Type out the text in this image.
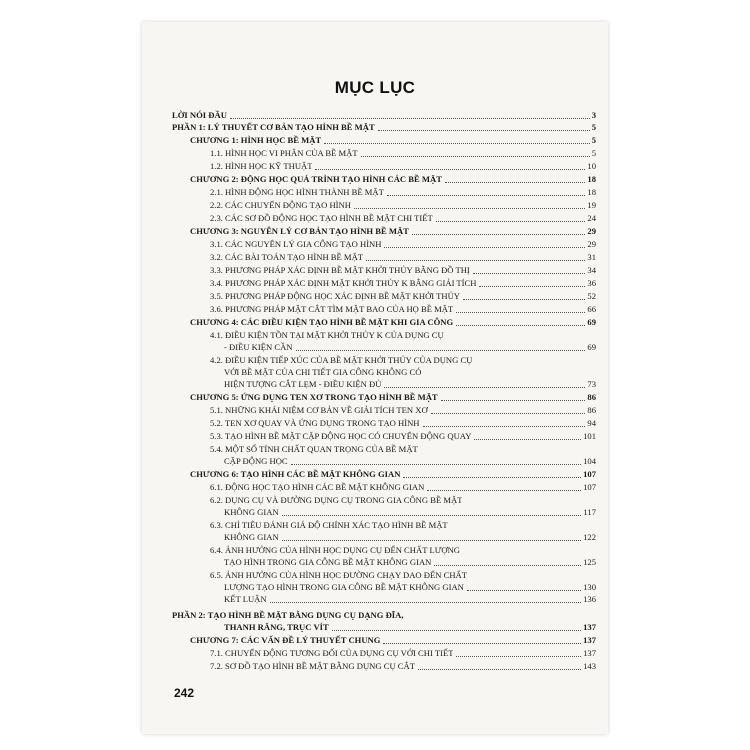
MỤC LỤC
LỜI NÓI ĐẦU	3
PHẦN 1: LÝ THUYẾT CƠ BẢN TẠO HÌNH BỀ MẶT	5
CHƯƠNG 1: HÌNH HỌC BỀ MẶT	5
1.1. HÌNH HỌC VI PHÂN CỦA BỀ MẶT	5
1.2. HÌNH HỌC KỸ THUẬT	10
CHƯƠNG 2: ĐỘNG HỌC QUÁ TRÌNH TẠO HÌNH CÁC BỀ MẶT	18
2.1. HÌNH ĐỘNG HỌC HÌNH THÀNH BỀ MẶT	18
2.2. CÁC CHUYỂN ĐỘNG TẠO HÌNH	19
2.3. CÁC SƠ ĐỒ ĐỘNG HỌC TẠO HÌNH BỀ MẶT CHI TIẾT	24
CHƯƠNG 3: NGUYÊN LÝ CƠ BẢN TẠO HÌNH BỀ MẶT	29
3.1. CÁC NGUYÊN LÝ GIA CÔNG TẠO HÌNH	29
3.2. CÁC BÀI TOÁN TẠO HÌNH BỀ MẶT	31
3.3. PHƯƠNG PHÁP XÁC ĐỊNH BỀ MẶT KHỞI THỦY BẰNG ĐỒ THỊ	34
3.4. PHƯƠNG PHÁP XÁC ĐỊNH MẶT KHỞI THỦY K BẰNG GIẢI TÍCH	36
3.5. PHƯƠNG PHÁP ĐỘNG HỌC XÁC ĐỊNH BỀ MẶT KHỞI THỦY	52
3.6. PHƯƠNG PHÁP MẶT CẮT TÌM MẶT BAO CỦA HỌ BỀ MẶT	66
CHƯƠNG 4: CÁC ĐIỀU KIỆN TẠO HÌNH BỀ MẶT KHI GIA CÔNG	69
4.1. ĐIỀU KIỆN TỒN TẠI MẶT KHỞI THỦY K CỦA DỤNG CỤ
- ĐIỀU KIỆN CẦN	69
4.2. ĐIỀU KIỆN TIẾP XÚC CỦA BỀ MẶT KHỞI THỦY CỦA DỤNG CỤ
VỚI BỀ MẶT CỦA CHI TIẾT GIA CÔNG KHÔNG CÓ
HIỆN TƯỢNG CẮT LẸM - ĐIỀU KIỆN ĐỦ	73
CHƯƠNG 5: ỨNG DỤNG TEN XƠ TRONG TẠO HÌNH BỀ MẶT	86
5.1. NHỮNG KHÁI NIỆM CƠ BẢN VỀ GIẢI TÍCH TEN XƠ	86
5.2. TEN XƠ QUAY VÀ ỨNG DỤNG TRONG TẠO HÌNH	94
5.3. TẠO HÌNH BỀ MẶT CẶP ĐỘNG HỌC CÓ CHUYỂN ĐỘNG QUAY	101
5.4. MỘT SỐ TÍNH CHẤT QUAN TRỌNG CỦA BỀ MẶT
CẶP ĐỘNG HỌC	104
CHƯƠNG 6: TẠO HÌNH CÁC BỀ MẶT KHÔNG GIAN	107
6.1. ĐỘNG HỌC TẠO HÌNH CÁC BỀ MẶT KHÔNG GIAN	107
6.2. DỤNG CỤ VÀ ĐƯỜNG DỤNG CỤ TRONG GIA CÔNG BỀ MẶT
KHÔNG GIAN	117
6.3. CHỈ TIÊU ĐÁNH GIÁ ĐỘ CHÍNH XÁC TẠO HÌNH BỀ MẶT
KHÔNG GIAN	122
6.4. ẢNH HƯỞNG CỦA HÌNH HỌC DỤNG CỤ ĐẾN CHẤT LƯỢNG
TẠO HÌNH TRONG GIA CÔNG BỀ MẶT KHÔNG GIAN	125
6.5. ẢNH HƯỞNG CỦA HÌNH HỌC ĐƯỜNG CHẠY DAO ĐẾN CHẤT
LƯỢNG TẠO HÌNH TRONG GIA CÔNG BỀ MẶT KHÔNG GIAN	130
KẾT LUẬN	136
PHẦN 2: TẠO HÌNH BỀ MẶT BẰNG DỤNG CỤ DẠNG ĐĨA,
THANH RĂNG, TRỤC VÍT	137
CHƯƠNG 7: CÁC VẤN ĐỀ LÝ THUYẾT CHUNG	137
7.1. CHUYỂN ĐỘNG TƯƠNG ĐỐI CỦA DỤNG CỤ VỚI CHI TIẾT	137
7.2. SƠ ĐỒ TẠO HÌNH BỀ MẶT BẰNG DỤNG CỤ CẮT	143
242
